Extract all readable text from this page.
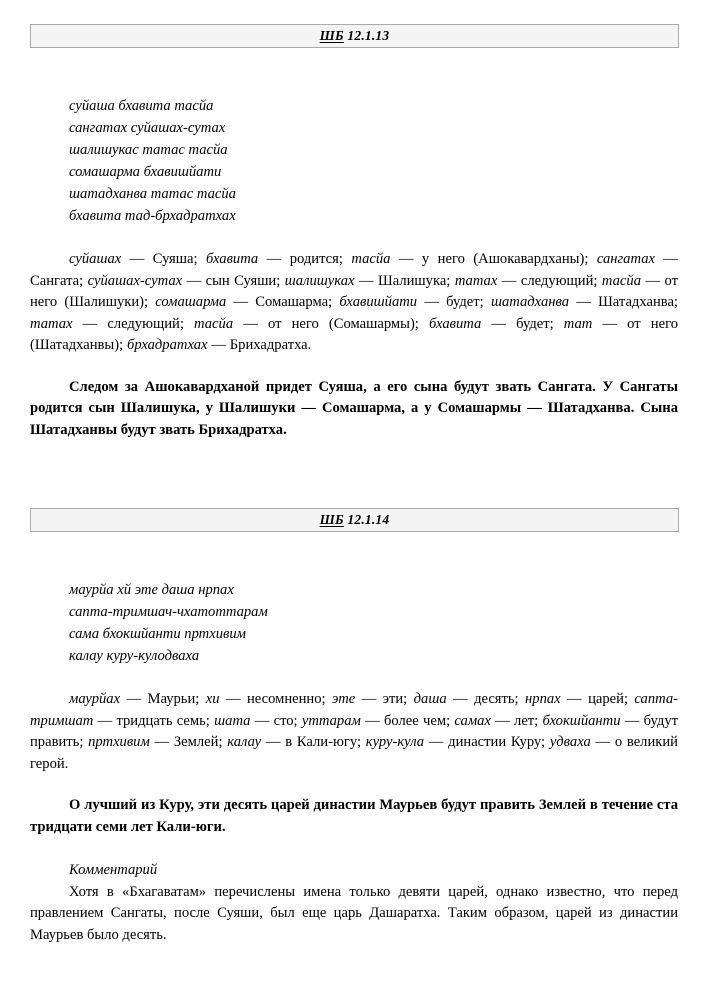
ШБ 12.1.13
суйаша бхавита тасйа
сангатах суйашах-сутах
шалишукас татас тасйа
сомашарма бхавишйати
шатадханва татас тасйа
бхавита тад-брхадратхах

суйашах — Суяша; бхавита — родится; тасйа — у него (Ашокавардханы); сангатах — Сангата; суйашах-сутах — сын Суяши; шалишуках — Шалишука; татах — следующий; тасйа — от него (Шалишуки); сомашарма — Сомашарма; бхавишйати — будет; шатадханва — Шатадханва; татах — следующий; тасйа — от него (Сомашармы); бхавита — будет; тат — от него (Шатадханвы); брхадратхах — Брихадратха.

Следом за Ашокавардханой придет Суяша, а его сына будут звать Сангата. У Сангаты родится сын Шалишука, у Шалишуки — Сомашарма, а у Сомашармы — Шатадханва. Сына Шатадханвы будут звать Брихадратха.

ШБ 12.1.14
маурйа хй эте даша нрпах
сапта-тримшач-чхатоттарам
сама бхокшйанти пртхивим
калау куру-кулодваха

маурйах — Маурьи; хи — несомненно; эте — эти; даша — десять; нрпах — царей; сапта-тримшат — тридцать семь; шата — сто; уттарам — более чем; самах — лет; бхокшйанти — будут править; пртхивим — Землей; калау — в Кали-югу; куру-кула — династии Куру; удваха — о великий герой.

О лучший из Куру, эти десять царей династии Маурьев будут править Землей в течение ста тридцати семи лет Кали-юги.

Комментарий

Хотя в «Бхагаватам» перечислены имена только девяти царей, однако известно, что перед правлением Сангаты, после Суяши, был еще царь Дашаратха. Таким образом, царей из династии Маурьев было десять.
